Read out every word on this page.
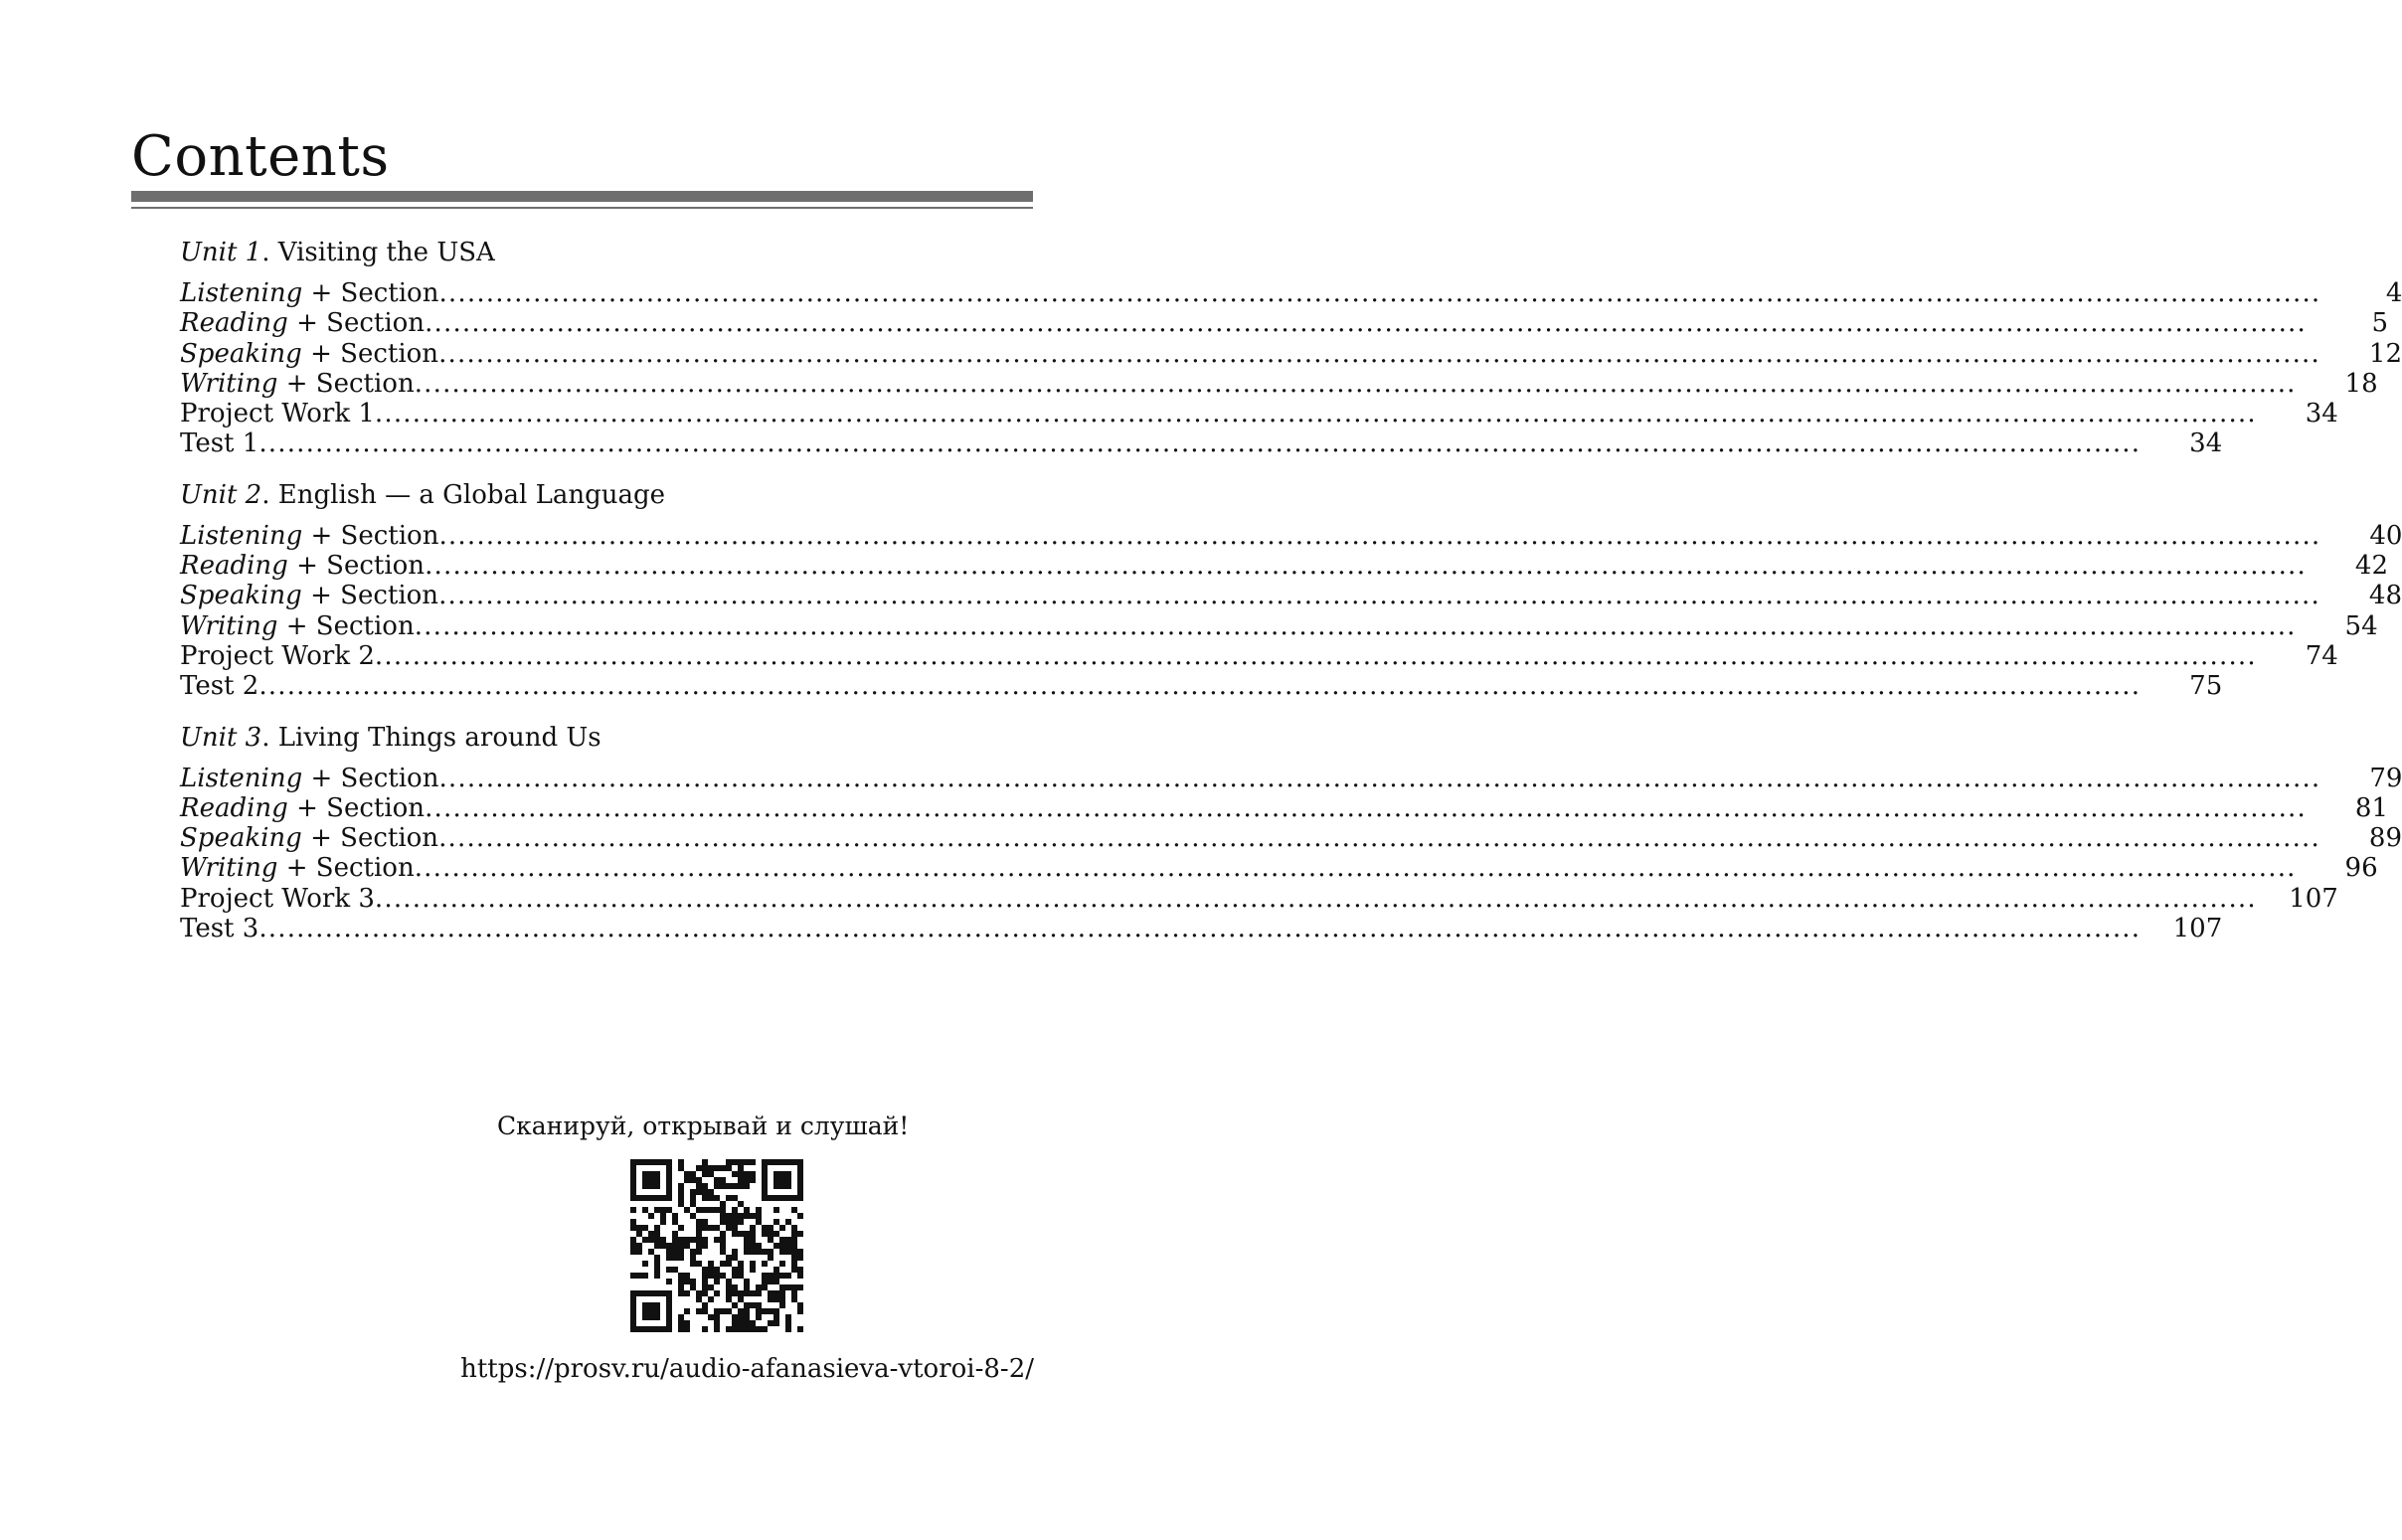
Contents
Unit 1. Visiting the USA
Listening + Section ........................................................................................................................................................................................................	4
Reading + Section ........................................................................................................................................................................................................	5
Speaking + Section ........................................................................................................................................................................................................	12
Writing + Section ........................................................................................................................................................................................................	18
Project Work 1 ........................................................................................................................................................................................................	34
Test 1 ........................................................................................................................................................................................................	34
Unit 2. English — a Global Language
Listening + Section ........................................................................................................................................................................................................	40
Reading + Section ........................................................................................................................................................................................................	42
Speaking + Section ........................................................................................................................................................................................................	48
Writing + Section ........................................................................................................................................................................................................	54
Project Work 2 ........................................................................................................................................................................................................	74
Test 2 ........................................................................................................................................................................................................	75
Unit 3. Living Things around Us
Listening + Section ........................................................................................................................................................................................................	79
Reading + Section ........................................................................................................................................................................................................	81
Speaking + Section ........................................................................................................................................................................................................	89
Writing + Section ........................................................................................................................................................................................................	96
Project Work 3 ........................................................................................................................................................................................................	107
Test 3 ........................................................................................................................................................................................................	107
Сканируй, открывай и слушай!
https://prosv.ru/audio-afanasieva-vtoroi-8-2/
